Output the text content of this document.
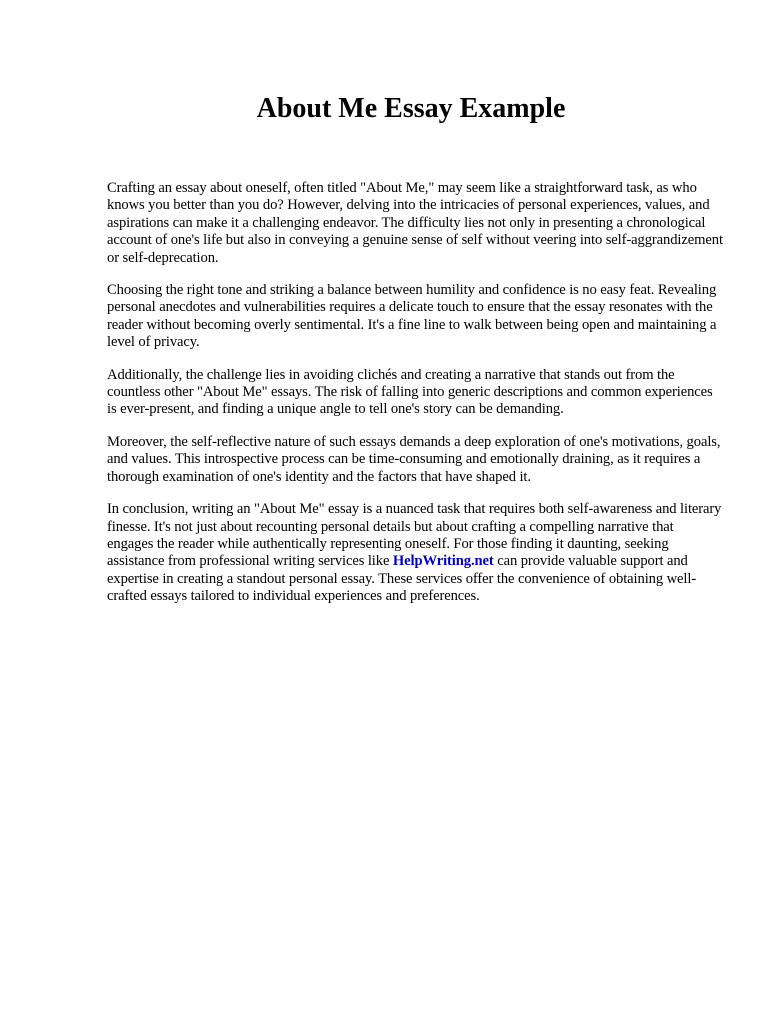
About Me Essay Example

Crafting an essay about oneself, often titled "About Me," may seem like a straightforward task, as who knows you better than you do? However, delving into the intricacies of personal experiences, values, and aspirations can make it a challenging endeavor. The difficulty lies not only in presenting a chronological account of one's life but also in conveying a genuine sense of self without veering into self-aggrandizement or self-deprecation.

Choosing the right tone and striking a balance between humility and confidence is no easy feat. Revealing personal anecdotes and vulnerabilities requires a delicate touch to ensure that the essay resonates with the reader without becoming overly sentimental. It's a fine line to walk between being open and maintaining a level of privacy.

Additionally, the challenge lies in avoiding clichés and creating a narrative that stands out from the countless other "About Me" essays. The risk of falling into generic descriptions and common experiences is ever-present, and finding a unique angle to tell one's story can be demanding.

Moreover, the self-reflective nature of such essays demands a deep exploration of one's motivations, goals, and values. This introspective process can be time-consuming and emotionally draining, as it requires a thorough examination of one's identity and the factors that have shaped it.

In conclusion, writing an "About Me" essay is a nuanced task that requires both self-awareness and literary finesse. It's not just about recounting personal details but about crafting a compelling narrative that engages the reader while authentically representing oneself. For those finding it daunting, seeking assistance from professional writing services like HelpWriting.net can provide valuable support and expertise in creating a standout personal essay. These services offer the convenience of obtaining well-crafted essays tailored to individual experiences and preferences.
